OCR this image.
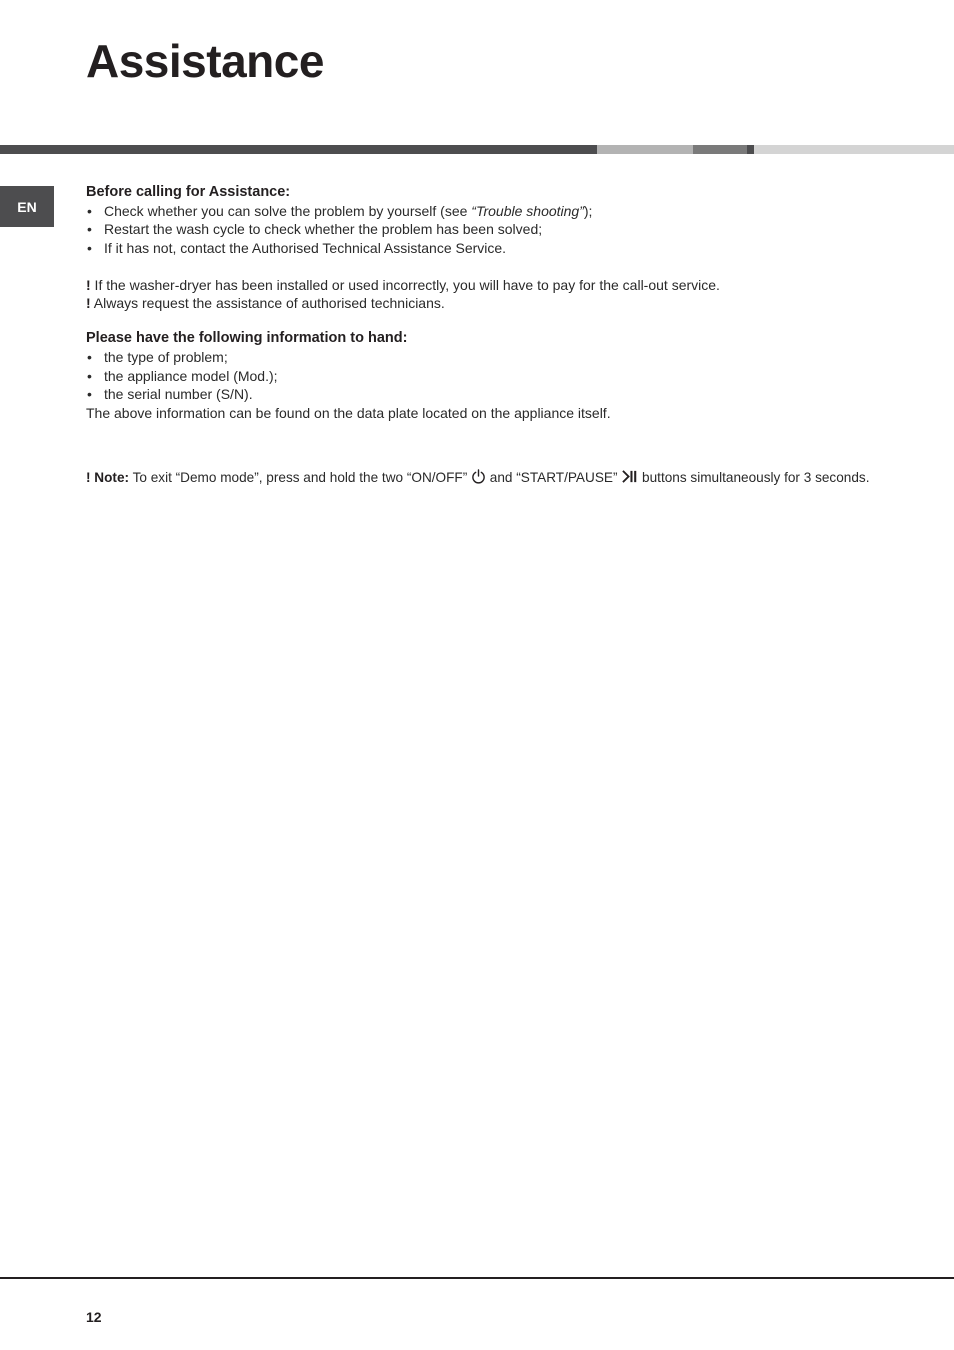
Assistance
EN
Before calling for Assistance:
• Check whether you can solve the problem by yourself (see “Trouble shooting”);
• Restart the wash cycle to check whether the problem has been solved;
• If it has not, contact the Authorised Technical Assistance Service.

! If the washer-dryer has been installed or used incorrectly, you will have to pay for the call-out service.

! Always request the assistance of authorised technicians.

Please have the following information to hand:
• the type of problem;
• the appliance model (Mod.);
• the serial number (S/N).

The above information can be found on the data plate located on the appliance itself.

! Note: To exit “Demo mode”, press and hold the two “ON/OFF”  and “START/PAUSE”  buttons simultaneously for 3 seconds.
12
